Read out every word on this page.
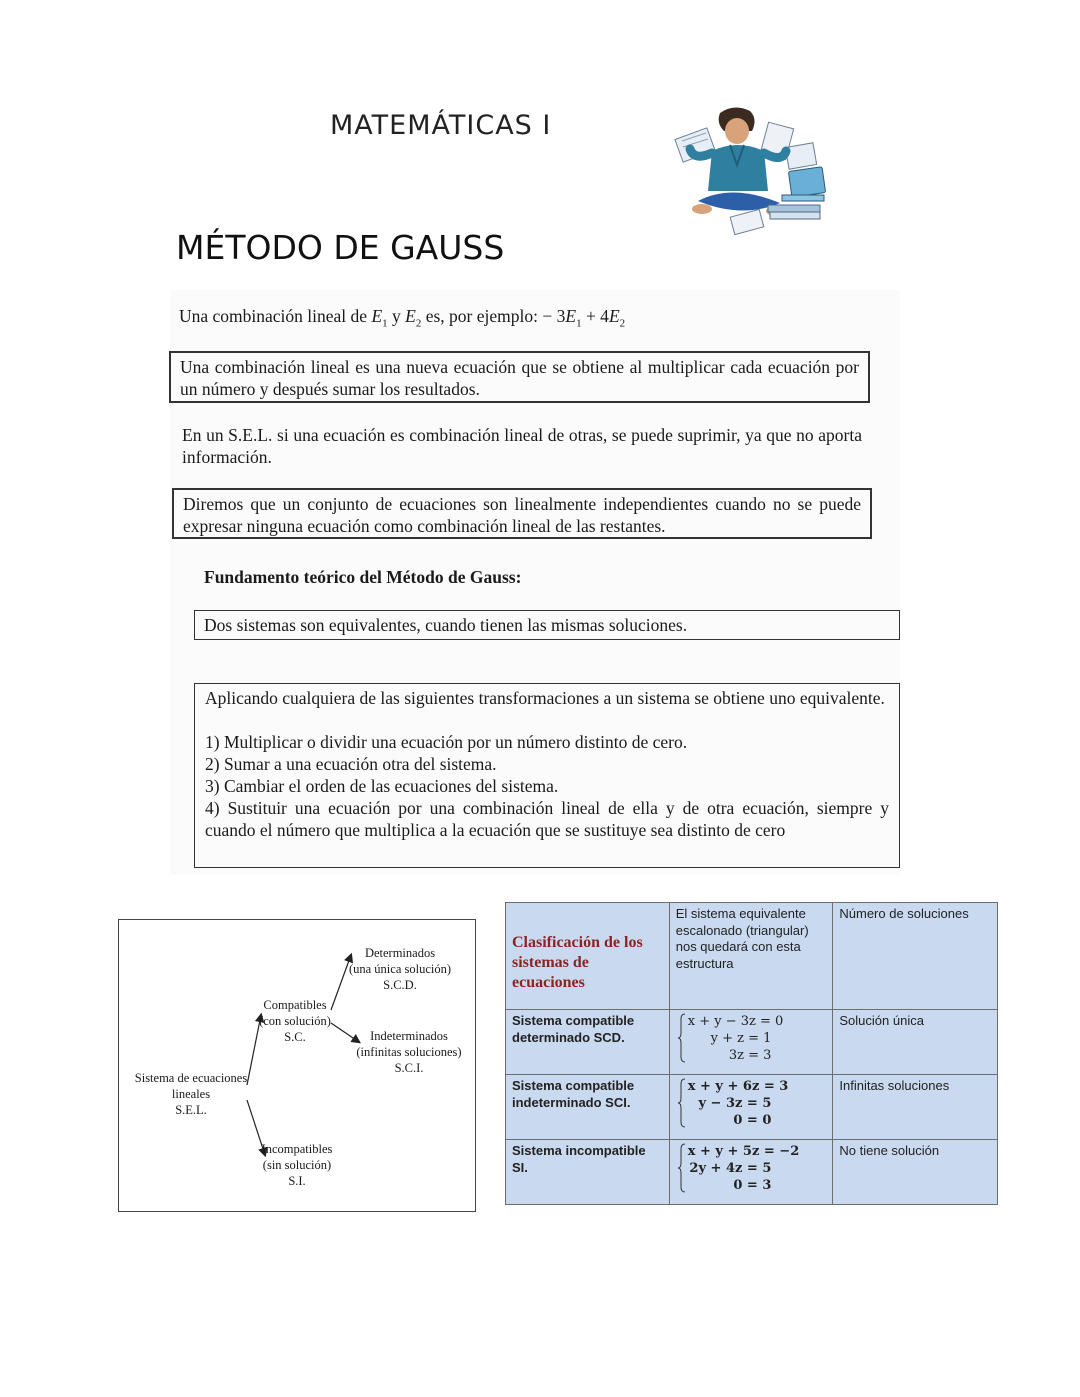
MATEMÁTICAS I
MÉTODO DE GAUSS
Una combinación lineal de $E_1$ y $E_2$ es, por ejemplo: − $3E_1 + 4E_2$
Una combinación lineal es una nueva ecuación que se obtiene al multiplicar cada ecuación por un número y después sumar los resultados.
En un S.E.L. si una ecuación es combinación lineal de otras, se puede suprimir, ya que no aporta información.
Diremos que un conjunto de ecuaciones son linealmente independientes cuando no se puede expresar ninguna ecuación como combinación lineal de las restantes.
Fundamento teórico del Método de Gauss:
Dos sistemas son equivalentes, cuando tienen las mismas soluciones.
Aplicando cualquiera de las siguientes transformaciones a un sistema se obtiene uno equivalente.
1) Multiplicar o dividir una ecuación por un número distinto de cero.
2) Sumar a una ecuación otra del sistema.
3) Cambiar el orden de las ecuaciones del sistema.
4) Sustituir una ecuación por una combinación lineal de ella y de otra ecuación, siempre y cuando el número que multiplica a la ecuación que se sustituye sea distinto de cero
Sistema de ecuaciones
lineales
S.E.L.
Compatibles
(con solución)
S.C.
Determinados
(una única solución)
S.C.D.
Indeterminados
(infinitas soluciones)
S.C.I.
Incompatibles
(sin solución)
S.I.
Clasificación de los sistemas de ecuaciones	El sistema equivalente escalonado (triangular) nos quedará con esta estructura	Número de soluciones
Sistema compatible determinado SCD.	x + y − 3z = 0
y + z = 1
3z = 3	Solución única
Sistema compatible indeterminado SCI.	x + y + 6z = 3
y − 3z = 5
0 = 0	Infinitas soluciones
Sistema incompatible SI.	x + y + 5z = −2
2y + 4z = 5
0 = 3	No tiene solución
